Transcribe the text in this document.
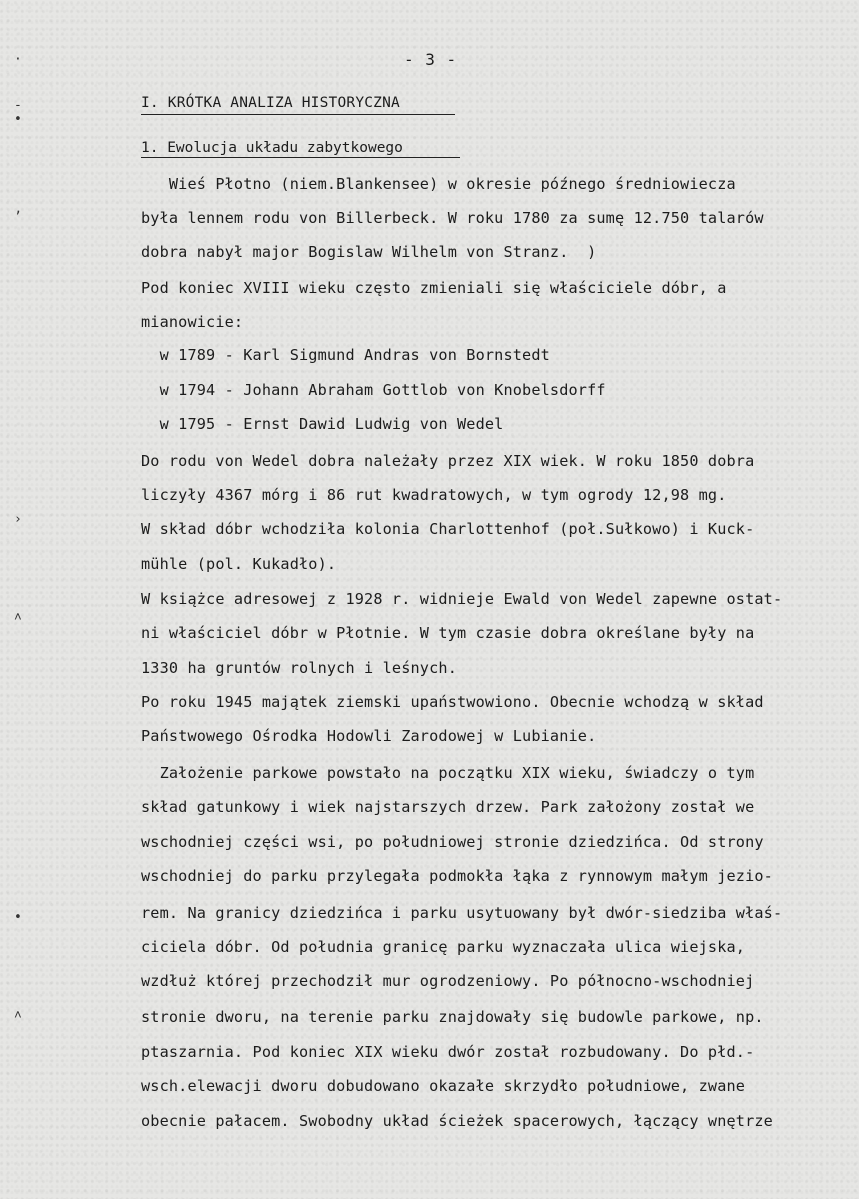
·
-
•
ʼ
›
˄
•
˄
- 3 -
I. KRÓTKA ANALIZA HISTORYCZNA
1. Ewolucja układu zabytkowego
Wieś Płotno (niem.Blankensee) w okresie późnego średniowiecza
była lennem rodu von Billerbeck. W roku 1780 za sumę 12.750 talarów
dobra nabył major Bogislaw Wilhelm von Stranz.  )
Pod koniec XVIII wieku często zmieniali się właściciele dóbr, a
mianowicie:
w 1789 - Karl Sigmund Andras von Bornstedt
w 1794 - Johann Abraham Gottlob von Knobelsdorff
w 1795 - Ernst Dawid Ludwig von Wedel
Do rodu von Wedel dobra należały przez XIX wiek. W roku 1850 dobra
liczyły 4367 mórg i 86 rut kwadratowych, w tym ogrody 12,98 mg.
W skład dóbr wchodziła kolonia Charlottenhof (poł.Sułkowo) i Kuck-
mühle (pol. Kukadło).
W książce adresowej z 1928 r. widnieje Ewald von Wedel zapewne ostat-
ni właściciel dóbr w Płotnie. W tym czasie dobra określane były na
1330 ha gruntów rolnych i leśnych.
Po roku 1945 majątek ziemski upaństwowiono. Obecnie wchodzą w skład
Państwowego Ośrodka Hodowli Zarodowej w Lubianie.
Założenie parkowe powstało na początku XIX wieku, świadczy o tym
skład gatunkowy i wiek najstarszych drzew. Park założony został we
wschodniej części wsi, po południowej stronie dziedzińca. Od strony
wschodniej do parku przylegała podmokła łąka z rynnowym małym jezio-
rem. Na granicy dziedzińca i parku usytuowany był dwór-siedziba właś-
ciciela dóbr. Od południa granicę parku wyznaczała ulica wiejska,
wzdłuż której przechodził mur ogrodzeniowy. Po północno-wschodniej
stronie dworu, na terenie parku znajdowały się budowle parkowe, np.
ptaszarnia. Pod koniec XIX wieku dwór został rozbudowany. Do płd.-
wsch.elewacji dworu dobudowano okazałe skrzydło południowe, zwane
obecnie pałacem. Swobodny układ ścieżek spacerowych, łączący wnętrze
